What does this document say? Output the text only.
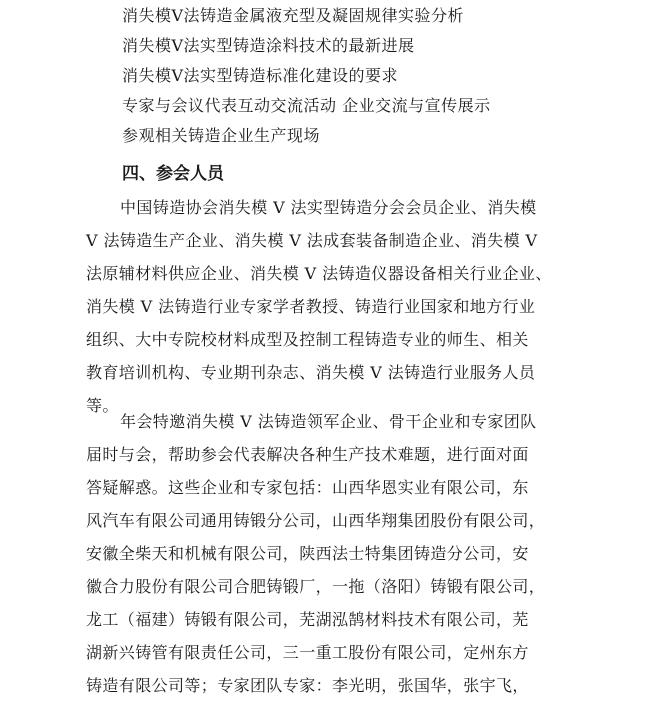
消失模Ⅴ法铸造金属液充型及凝固规律实验分析
消失模Ⅴ法实型铸造涂料技术的最新进展
消失模Ⅴ法实型铸造标准化建设的要求
专家与会议代表互动交流活动 企业交流与宣传展示
参观相关铸造企业生产现场
四、参会人员
中国铸造协会消失模 Ⅴ 法实型铸造分会会员企业、消失模
Ⅴ 法铸造生产企业、消失模 Ⅴ 法成套装备制造企业、消失模 Ⅴ
法原辅材料供应企业、消失模 Ⅴ 法铸造仪器设备相关行业企业、
消失模 Ⅴ 法铸造行业专家学者教授、铸造行业国家和地方行业
组织、大中专院校材料成型及控制工程铸造专业的师生、相关
教育培训机构、专业期刊杂志、消失模 Ⅴ 法铸造行业服务人员
等。
年会特邀消失模 Ⅴ 法铸造领军企业、骨干企业和专家团队
届时与会，帮助参会代表解决各种生产技术难题，进行面对面
答疑解惑。这些企业和专家包括：山西华恩实业有限公司，东
风汽车有限公司通用铸锻分公司，山西华翔集团股份有限公司，
安徽全柴天和机械有限公司，陕西法士特集团铸造分公司，安
徽合力股份有限公司合肥铸锻厂，一拖（洛阳）铸锻有限公司，
龙工（福建）铸锻有限公司，芜湖泓鹄材料技术有限公司，芜
湖新兴铸管有限责任公司，三一重工股份有限公司，定州东方
铸造有限公司等；专家团队专家：李光明，张国华，张宇飞，
